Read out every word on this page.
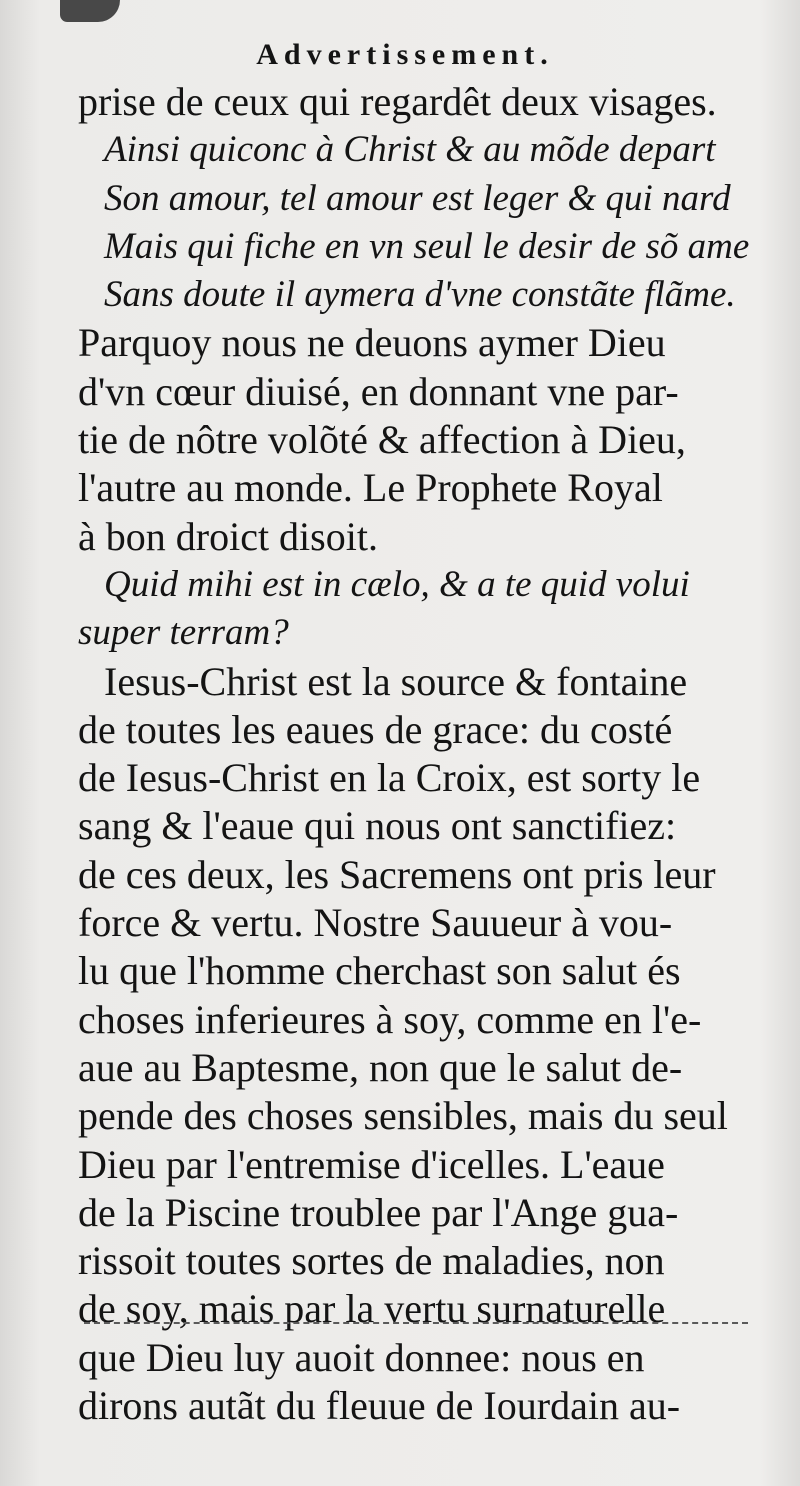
Advertissement.
prise de ceux qui regardêt deux visages.
Ainsi quiconc à Christ & au mõde depart
Son amour, tel amour est leger & qui nard
Mais qui fiche en vn seul le desir de sõ ame
Sans doute il aymera d'vne constãte flãme.
Parquoy nous ne deuons aymer Dieu
d'vn cœur diuisé, en donnant vne par-
tie de nôtre volõté & affection à Dieu,
l'autre au monde. Le Prophete Royal
à bon droict disoit.
Quid mihi est in cælo, & a te quid volui
super terram?
Iesus-Christ est la source & fontaine
de toutes les eaues de grace: du costé
de Iesus-Christ en la Croix, est sorty le
sang & l'eaue qui nous ont sanctifiez:
de ces deux, les Sacremens ont pris leur
force & vertu. Nostre Sauueur à vou-
lu que l'homme cherchast son salut és
choses inferieures à soy, comme en l'e-
aue au Baptesme, non que le salut de-
pende des choses sensibles, mais du seul
Dieu par l'entremise d'icelles. L'eaue
de la Piscine troublee par l'Ange gua-
rissoit toutes sortes de maladies, non
de soy, mais par la vertu surnaturelle
que Dieu luy auoit donnee: nous en
dirons autãt du fleuue de Iourdain au-
